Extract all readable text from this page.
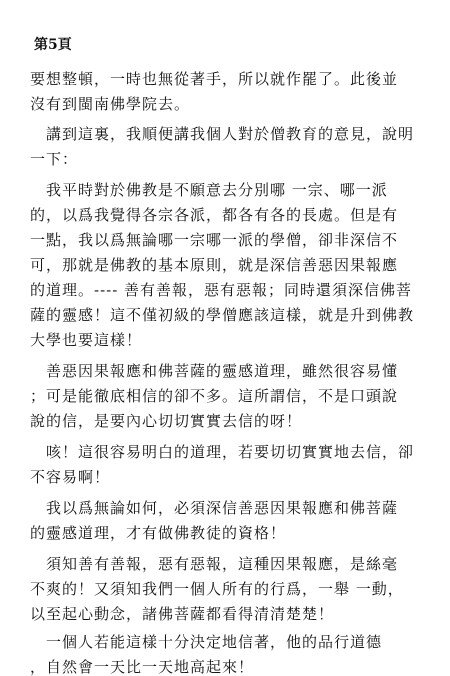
第5頁
要想整頓，一時也無從著手，所以就作罷了。此後並
沒有到閩南佛學院去。
　講到這裏，我順便講我個人對於僧教育的意見，說明
一下：
　我平時對於佛教是不願意去分別哪 一宗、哪一派
的，以爲我覺得各宗各派，都各有各的長處。但是有
一點，我以爲無論哪一宗哪一派的學僧，卻非深信不
可，那就是佛教的基本原則，就是深信善惡因果報應
的道理。---- 善有善報，惡有惡報；同時還須深信佛菩
薩的靈感！這不僅初級的學僧應該這樣，就是升到佛教
大學也要這樣！
　善惡因果報應和佛菩薩的靈感道理，雖然很容易懂
；可是能徹底相信的卻不多。這所謂信，不是口頭說
說的信，是要內心切切實實去信的呀！
　咳！這很容易明白的道理，若要切切實實地去信，卻
不容易啊！
　我以爲無論如何，必須深信善惡因果報應和佛菩薩
的靈感道理，才有做佛教徒的資格！
　須知善有善報，惡有惡報，這種因果報應，是絲毫
不爽的！又須知我們一個人所有的行爲，一舉 一動，
以至起心動念，諸佛菩薩都看得清清楚楚！
　一個人若能這樣十分決定地信著，他的品行道德
，自然會一天比一天地高起來！
